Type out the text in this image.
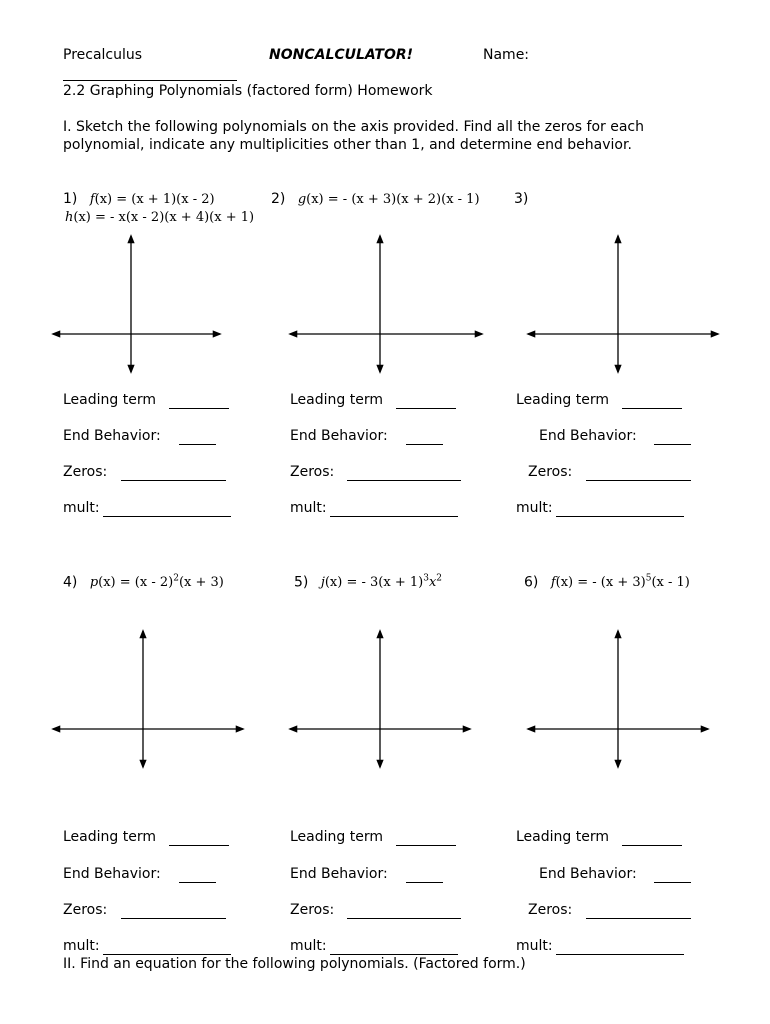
Precalculus	NONCALCULATOR!	Name:
2.2 Graphing Polynomials (factored form) Homework
I. Sketch the following polynomials on the axis provided. Find all the zeros for each
polynomial, indicate any multiplicities other than 1, and determine end behavior.
1) f(x) = (x + 1)(x - 2)
h(x) = - x(x - 2)(x + 4)(x + 1)
2) g(x) = - (x + 3)(x + 2)(x - 1) 3)
Leading term
End Behavior:
Zeros:
mult:
Leading term
End Behavior:
Zeros:
mult:
Leading term
End Behavior:
Zeros:
mult:
4) p(x) = (x - 2)$^2$(x + 3)	5) j(x) = - $3(x + 1)^3x^2$	6) f(x) = - $(x + 3)^5(x - 1)$
Leading term
End Behavior:
Zeros:
mult:
Leading term
End Behavior:
Zeros:
mult:
Leading term
End Behavior:
Zeros:
mult:
II. Find an equation for the following polynomials. (Factored form.)
